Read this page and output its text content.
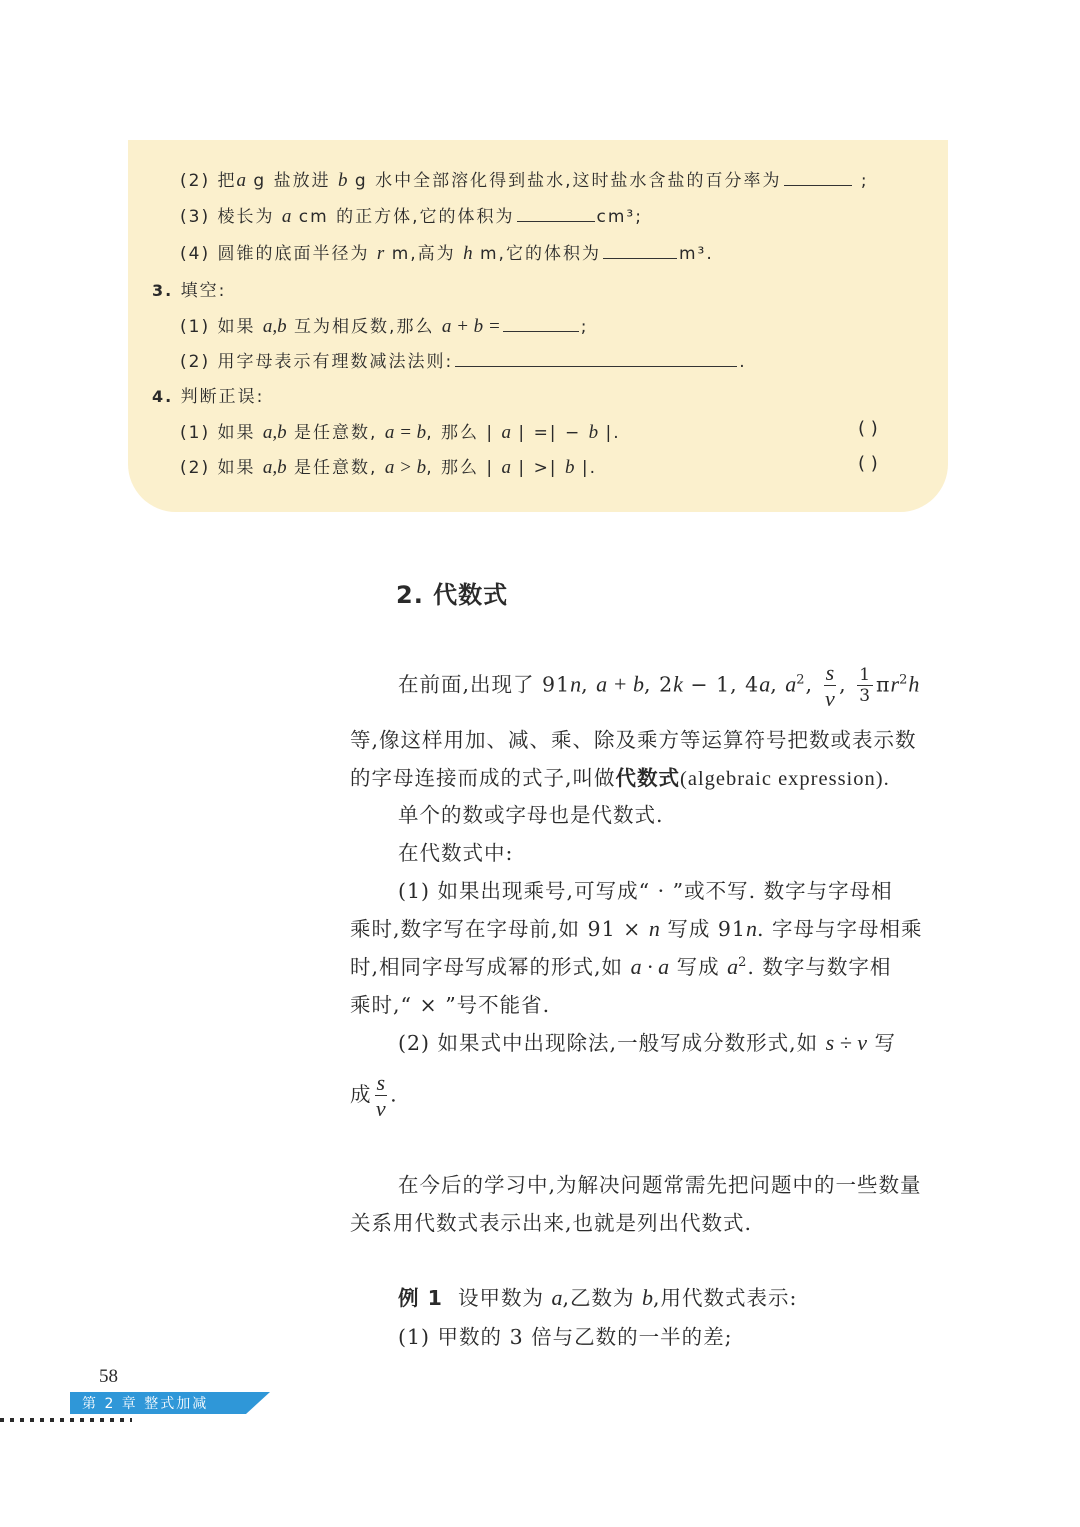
(2) 把a g 盐放进 b g 水中全部溶化得到盐水,这时盐水含盐的百分率为	;
(3) 棱长为 a cm 的正方体,它的体积为	cm³;
(4) 圆锥的底面半径为 r m,高为 h m,它的体积为	m³.
3. 填空:
(1) 如果 a,b 互为相反数,那么 a + b =	;
(2) 用字母表示有理数减法法则:	.
4. 判断正误:
(1) 如果 a,b 是任意数, a = b, 那么 | a | =| − b |.	( )
(2) 如果 a,b 是任意数, a > b, 那么 | a | >| b |.	( )
2. 代数式
在前面,出现了 91n, a + b, 2k − 1, 4a, $a^2$, $\frac{s}{v}$ , $\frac{1}{3} \pi r^2h$
等,像这样用加、减、乘、除及乘方等运算符号把数或表示数
的字母连接而成的式子,叫做代数式(algebraic expression).
单个的数或字母也是代数式.
在代数式中:
(1) 如果出现乘号,可写成“ · ”或不写. 数字与字母相
乘时,数字写在字母前,如 91 × n 写成 91n. 字母与字母相乘
时,相同字母写成幂的形式,如 a · a 写成 $a^2$. 数字与数字相
乘时,“ × ”号不能省.
(2) 如果式中出现除法,一般写成分数形式,如 s ÷ v 写
成 $\frac{s}{v}$ .
在今后的学习中,为解决问题常需先把问题中的一些数量
关系用代数式表示出来,也就是列出代数式.
例 1 设甲数为 a,乙数为 b,用代数式表示:
(1) 甲数的 3 倍与乙数的一半的差;
58
第 2 章 整式加减
